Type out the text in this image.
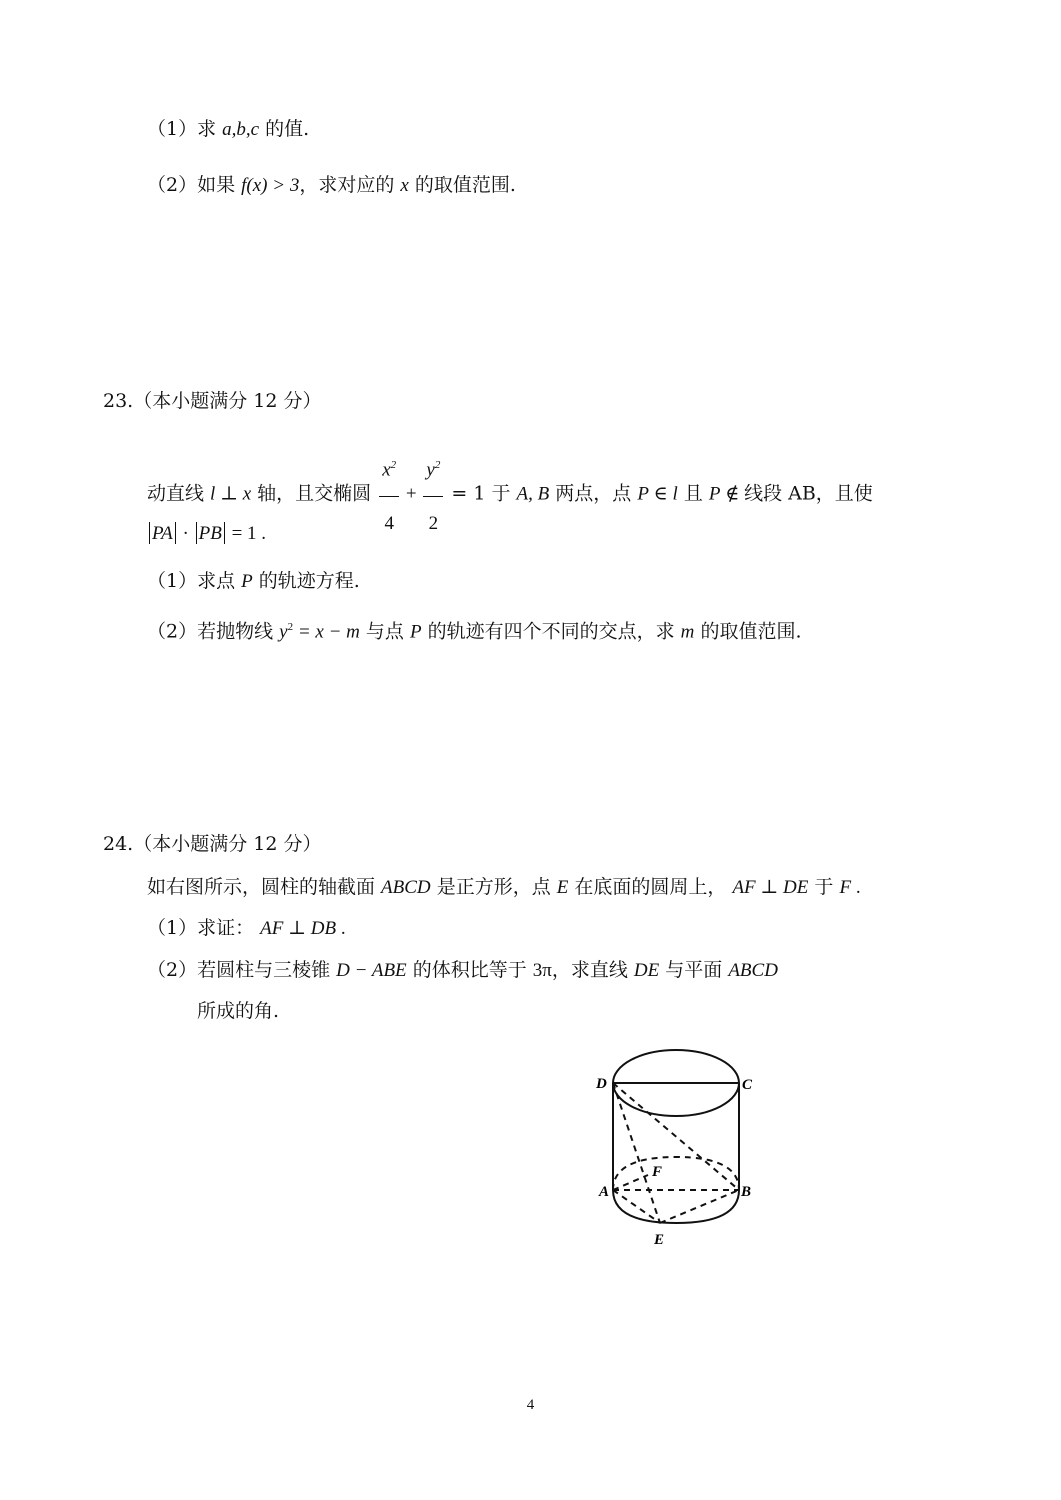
（1）求 a,b,c 的值.
（2）如果 f(x) > 3，求对应的 x 的取值范围.
23.（本小题满分 12 分）
动直线 l ⊥ x 轴，且交椭圆 $\frac{x^2}{4} + \frac{y^2}{2} = 1$ 于 A, B 两点，点 P ∈ l 且 P ∉ 线段 AB，且使
PA · PB = 1 .
（1）求点 P 的轨迹方程.
（2）若抛物线 $y^2 = x - m$ 与点 P 的轨迹有四个不同的交点，求 m 的取值范围.
24.（本小题满分 12 分）
如右图所示，圆柱的轴截面 ABCD 是正方形，点 E 在底面的圆周上， AF ⊥ DE 于 F .
（1）求证： AF ⊥ DB .
（2）若圆柱与三棱锥 D − ABE 的体积比等于 3π，求直线 DE 与平面 ABCD
所成的角.
D	C
F
A	B
E
4
